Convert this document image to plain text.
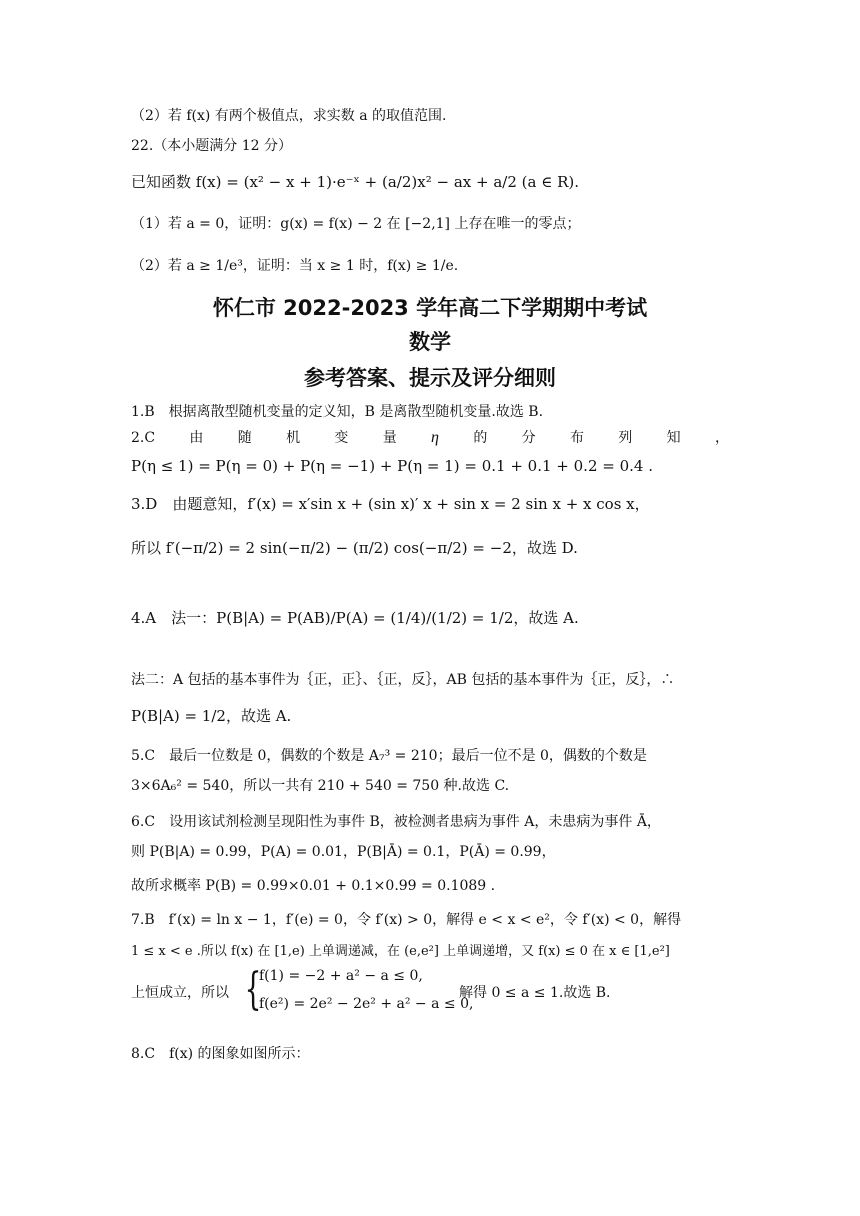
（2）若 f(x) 有两个极值点，求实数 a 的取值范围.
22.（本小题满分 12 分）
已知函数 f(x) = (x² − x + 1)·e⁻ˣ + (a/2)x² − ax + a/2 (a ∈ R).
（1）若 a = 0，证明：g(x) = f(x) − 2 在 [−2,1] 上存在唯一的零点；
（2）若 a ≥ 1/e³，证明：当 x ≥ 1 时，f(x) ≥ 1/e.
怀仁市 2022-2023 学年高二下学期期中考试
数学
参考答案、提示及评分细则
1.B　根据离散型随机变量的定义知，B 是离散型随机变量.故选 B.
2.C 由 随 机 变 量 η 的 分 布 列 知 ，
P(η ≤ 1) = P(η = 0) + P(η = −1) + P(η = 1) = 0.1 + 0.1 + 0.2 = 0.4 .
3.D　由题意知，f′(x) = x′sin x + (sin x)′ x + sin x = 2 sin x + x cos x，
所以 f′(−π/2) = 2 sin(−π/2) − (π/2) cos(−π/2) = −2，故选 D.
4.A　法一：P(B|A) = P(AB)/P(A) = (1/4)/(1/2) = 1/2，故选 A.
法二：A 包括的基本事件为｛正，正｝、｛正，反｝，AB 包括的基本事件为｛正，反｝，∴
P(B|A) = 1/2，故选 A.
5.C　最后一位数是 0，偶数的个数是 A₇³ = 210；最后一位不是 0，偶数的个数是
3×6A₆² = 540，所以一共有 210 + 540 = 750 种.故选 C.
6.C　设用该试剂检测呈现阳性为事件 B，被检测者患病为事件 A，未患病为事件 Ā，
则 P(B|A) = 0.99，P(A) = 0.01，P(B|Ā) = 0.1，P(Ā) = 0.99，
故所求概率 P(B) = 0.99×0.01 + 0.1×0.99 = 0.1089 .
7.B　f′(x) = ln x − 1，f′(e) = 0，令 f′(x) > 0，解得 e < x < e²，令 f′(x) < 0，解得
1 ≤ x < e .所以 f(x) 在 [1,e) 上单调递减，在 (e,e²] 上单调递增，又 f(x) ≤ 0 在 x ∈ [1,e²]
上恒成立，所以 {
f(1) = −2 + a² − a ≤ 0,
f(e²) = 2e² − 2e² + a² − a ≤ 0,
解得 0 ≤ a ≤ 1.故选 B.
8.C　f(x) 的图象如图所示：
